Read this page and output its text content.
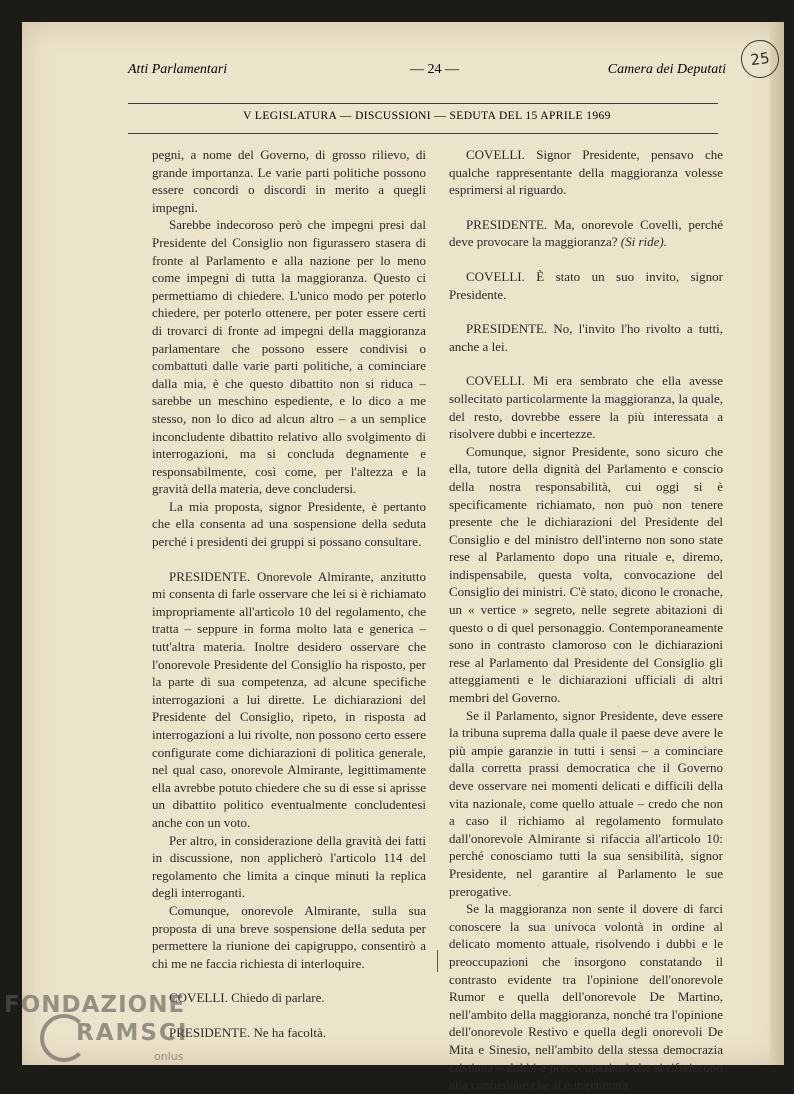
25
Atti Parlamentari	— 24 —	Camera dei Deputati
V LEGISLATURA — DISCUSSIONI — SEDUTA DEL 15 APRILE 1969

pegni, a nome del Governo, di grosso rilievo, di grande importanza. Le varie parti politiche possono essere concordi o discordi in merito a quegli impegni.

Sarebbe indecoroso però che impegni presi dal Presidente del Consiglio non figurassero stasera di fronte al Parlamento e alla nazione per lo meno come impegni di tutta la maggioranza. Questo ci permettiamo di chiedere. L'unico modo per poterlo chiedere, per poterlo ottenere, per poter essere certi di trovarci di fronte ad impegni della maggioranza parlamentare che possono essere condivisi o combattuti dalle varie parti politiche, a cominciare dalla mia, è che questo dibattito non si riduca – sarebbe un meschino espediente, e lo dico a me stesso, non lo dico ad alcun altro – a un semplice inconcludente dibattito relativo allo svolgimento di interrogazioni, ma si concluda degnamente e responsabilmente, così come, per l'altezza e la gravità della materia, deve concludersi.

La mia proposta, signor Presidente, è pertanto che ella consenta ad una sospensione della seduta perché i presidenti dei gruppi si possano consultare.

PRESIDENTE. Onorevole Almirante, anzitutto mi consenta di farle osservare che lei si è richiamato impropriamente all'articolo 10 del regolamento, che tratta – seppure in forma molto lata e generica – tutt'altra materia. Inoltre desidero osservare che l'onorevole Presidente del Consiglio ha risposto, per la parte di sua competenza, ad alcune specifiche interrogazioni a lui dirette. Le dichiarazioni del Presidente del Consiglio, ripeto, in risposta ad interrogazioni a lui rivolte, non possono certo essere configurate come dichiarazioni di politica generale, nel qual caso, onorevole Almirante, legittimamente ella avrebbe potuto chiedere che su di esse si aprisse un dibattito politico eventualmente concludentesi anche con un voto.

Per altro, in considerazione della gravità dei fatti in discussione, non applicherò l'articolo 114 del regolamento che limita a cinque minuti la replica degli interroganti.

Comunque, onorevole Almirante, sulla sua proposta di una breve sospensione della seduta per permettere la riunione dei capigruppo, consentirò a chi me ne faccia richiesta di interloquire.

COVELLI. Chiedo di parlare.

PRESIDENTE. Ne ha facoltà.

COVELLI. Signor Presidente, pensavo che qualche rappresentante della maggioranza volesse esprimersi al riguardo.

PRESIDENTE. Ma, onorevole Covelli, perché deve provocare la maggioranza? (Si ride).

COVELLI. È stato un suo invito, signor Presidente.

PRESIDENTE. No, l'invito l'ho rivolto a tutti, anche a lei.

COVELLI. Mi era sembrato che ella avesse sollecitato particolarmente la maggioranza, la quale, del resto, dovrebbe essere la più interessata a risolvere dubbi e incertezze.

Comunque, signor Presidente, sono sicuro che ella, tutore della dignità del Parlamento e conscio della nostra responsabilità, cui oggi si è specificamente richiamato, non può non tenere presente che le dichiarazioni del Presidente del Consiglio e del ministro dell'interno non sono state rese al Parlamento dopo una rituale e, diremo, indispensabile, questa volta, convocazione del Consiglio dei ministri. C'è stato, dicono le cronache, un « vertice » segreto, nelle segrete abitazioni di questo o di quel personaggio. Contemporaneamente sono in contrasto clamoroso con le dichiarazioni rese al Parlamento dal Presidente del Consiglio gli atteggiamenti e le dichiarazioni ufficiali di altri membri del Governo.

Se il Parlamento, signor Presidente, deve essere la tribuna suprema dalla quale il paese deve avere le più ampie garanzie in tutti i sensi – a cominciare dalla corretta prassi democratica che il Governo deve osservare nei momenti delicati e difficili della vita nazionale, come quello attuale – credo che non a caso il richiamo al regolamento formulato dall'onorevole Almirante si rifaccia all'articolo 10: perché conosciamo tutti la sua sensibilità, signor Presidente, nel garantire al Parlamento le sue prerogative.

Se la maggioranza non sente il dovere di farci conoscere la sua univoca volontà in ordine al delicato momento attuale, risolvendo i dubbi e le preoccupazioni che insorgono constatando il contrasto evidente tra l'opinione dell'onorevole Rumor e quella dell'onorevole De Martino, nell'ambito della maggioranza, nonché tra l'opinione dell'onorevole Restivo e quella degli onorevoli De Mita e Sinesio, nell'ambito della stessa democrazia cristiana – dubbi e preoccupazioni che si riferiscono alla confusione che si è ingenerata

FONDAZIONE
RAMSCI
onlus
